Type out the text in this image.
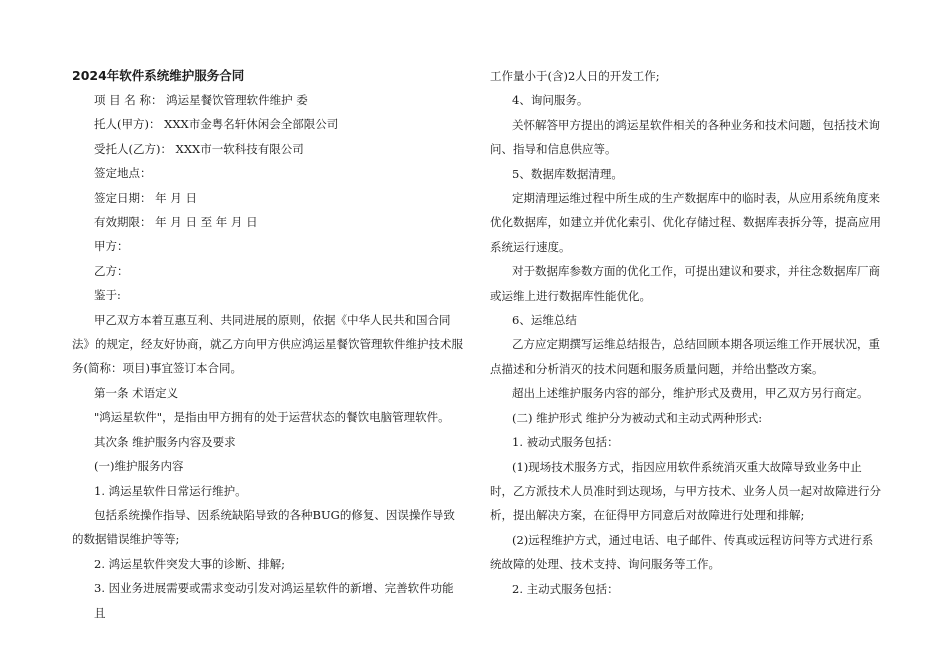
2024年软件系统维护服务合同

项 目 名 称： 鸿运星餐饮管理软件维护 委

托人(甲方)： XXX市金粤名轩休闲会全部限公司

受托人(乙方)： XXX市一软科技有限公司

签定地点：

签定日期： 年 月 日

有效期限： 年 月 日 至 年 月 日

甲方：

乙方：

鉴于:

甲乙双方本着互惠互利、共同进展的原则，依据《中华人民共和国合同法》的规定，经友好协商，就乙方向甲方供应鸿运星餐饮管理软件维护技术服务(简称：项目)事宜签订本合同。

第一条 术语定义

"鸿运星软件"，是指由甲方拥有的处于运营状态的餐饮电脑管理软件。

其次条 维护服务内容及要求

(一)维护服务内容

1. 鸿运星软件日常运行维护。

包括系统操作指导、因系统缺陷导致的各种BUG的修复、因误操作导致的数据错误维护等等;

2. 鸿运星软件突发大事的诊断、排解;

3. 因业务进展需要或需求变动引发对鸿运星软件的新增、完善软件功能且

工作量小于(含)2人日的开发工作;

4、询问服务。

关怀解答甲方提出的鸿运星软件相关的各种业务和技术问题，包括技术询问、指导和信息供应等。

5、数据库数据清理。

定期清理运维过程中所生成的生产数据库中的临时表，从应用系统角度来优化数据库，如建立并优化索引、优化存储过程、数据库表拆分等，提高应用系统运行速度。

对于数据库参数方面的优化工作，可提出建议和要求，并往念数据库厂商或运维上进行数据库性能优化。

6、运维总结

乙方应定期撰写运维总结报告，总结回顾本期各项运维工作开展状况，重点描述和分析消灭的技术问题和服务质量问题，并给出整改方案。

超出上述维护服务内容的部分，维护形式及费用，甲乙双方另行商定。

(二) 维护形式 维护分为被动式和主动式两种形式:

1. 被动式服务包括：

(1)现场技术服务方式，指因应用软件系统消灭重大故障导致业务中止时，乙方派技术人员准时到达现场，与甲方技术、业务人员一起对故障进行分析，提出解决方案，在征得甲方同意后对故障进行处理和排解;

(2)远程维护方式，通过电话、电子邮件、传真或远程访问等方式进行系统故障的处理、技术支持、询问服务等工作。

2. 主动式服务包括：
